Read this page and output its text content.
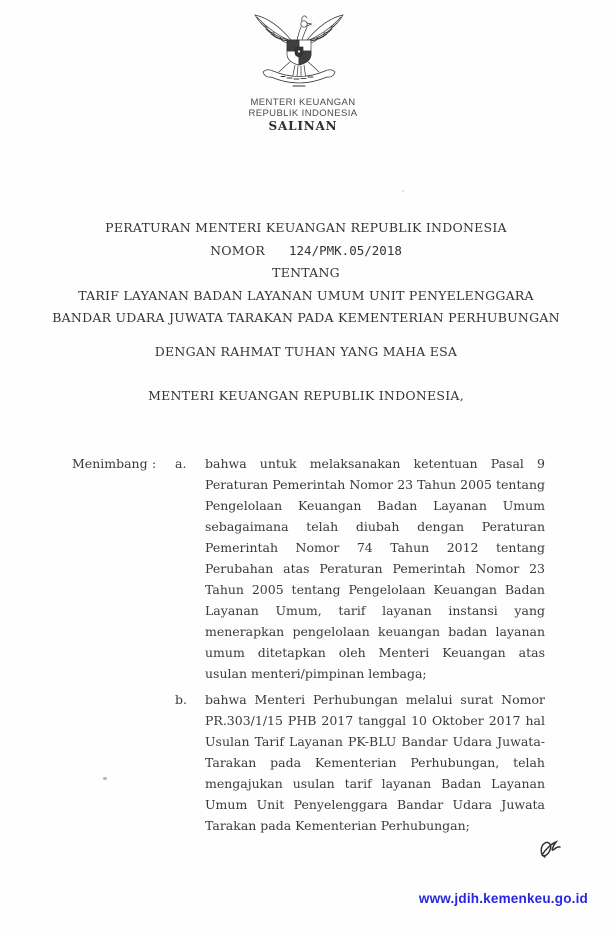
MENTERI KEUANGAN
REPUBLIK INDONESIA
SALINAN
PERATURAN MENTERI KEUANGAN REPUBLIK INDONESIA
NOMOR 124/PMK.05/2018
TENTANG
TARIF LAYANAN BADAN LAYANAN UMUM UNIT PENYELENGGARA
BANDAR UDARA JUWATA TARAKAN PADA KEMENTERIAN PERHUBUNGAN
DENGAN RAHMAT TUHAN YANG MAHA ESA
MENTERI KEUANGAN REPUBLIK INDONESIA,
Menimbang :	a.	bahwa untuk melaksanakan ketentuan Pasal 9 Peraturan Pemerintah Nomor 23 Tahun 2005 tentang Pengelolaan Keuangan Badan Layanan Umum sebagaimana telah diubah dengan Peraturan Pemerintah Nomor 74 Tahun 2012 tentang Perubahan atas Peraturan Pemerintah Nomor 23 Tahun 2005 tentang Pengelolaan Keuangan Badan Layanan Umum, tarif layanan instansi yang menerapkan pengelolaan keuangan badan layanan umum ditetapkan oleh Menteri Keuangan atas usulan menteri/pimpinan lembaga;
b.	bahwa Menteri Perhubungan melalui surat Nomor PR.303/1/15 PHB 2017 tanggal 10 Oktober 2017 hal Usulan Tarif Layanan PK-BLU Bandar Udara Juwata-Tarakan pada Kementerian Perhubungan, telah mengajukan usulan tarif layanan Badan Layanan Umum Unit Penyelenggara Bandar Udara Juwata Tarakan pada Kementerian Perhubungan;
www.jdih.kemenkeu.go.id
